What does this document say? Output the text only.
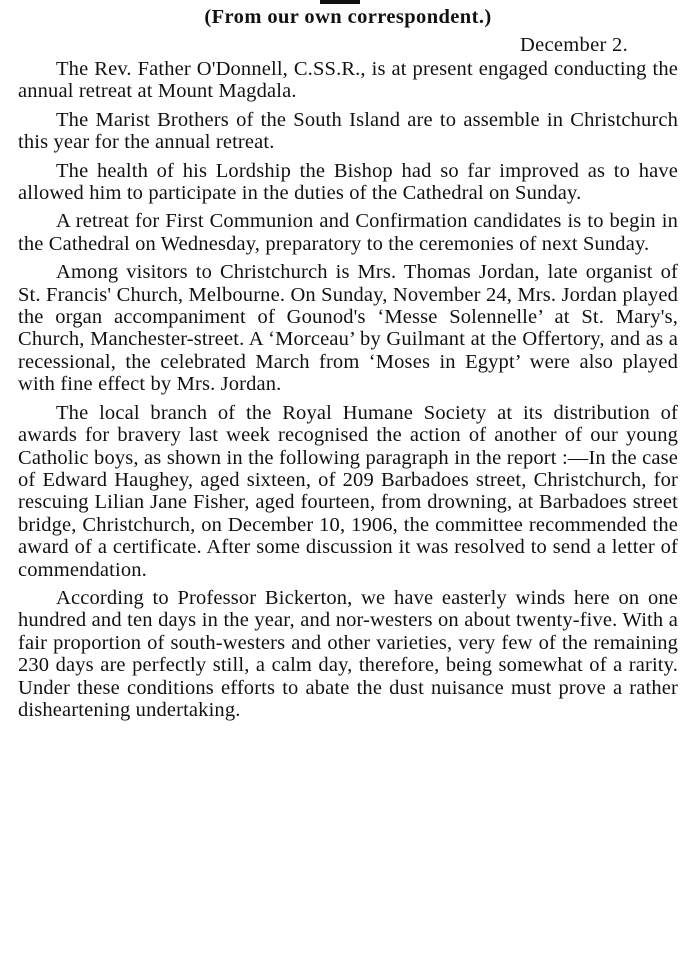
(From our own correspondent.)
December 2.

The Rev. Father O'Donnell, C.SS.R., is at present engaged conducting the annual retreat at Mount Magdala.

The Marist Brothers of the South Island are to assemble in Christchurch this year for the annual retreat.

The health of his Lordship the Bishop had so far improved as to have allowed him to participate in the duties of the Cathedral on Sunday.

A retreat for First Communion and Confirmation candidates is to begin in the Cathedral on Wednesday, preparatory to the ceremonies of next Sunday.

Among visitors to Christchurch is Mrs. Thomas Jordan, late organist of St. Francis' Church, Melbourne. On Sunday, November 24, Mrs. Jordan played the organ accompaniment of Gounod's ‘Messe Solennelle’ at St. Mary's, Church, Manchester-street. A ‘Morceau’ by Guilmant at the Offertory, and as a recessional, the celebrated March from ‘Moses in Egypt’ were also played with fine effect by Mrs. Jordan.

The local branch of the Royal Humane Society at its distribution of awards for bravery last week recognised the action of another of our young Catholic boys, as shown in the following paragraph in the report :—In the case of Edward Haughey, aged sixteen, of 209 Barbadoes street, Christchurch, for rescuing Lilian Jane Fisher, aged fourteen, from drowning, at Barbadoes street bridge, Christchurch, on December 10, 1906, the committee recommended the award of a certificate. After some discussion it was resolved to send a letter of commendation.

According to Professor Bickerton, we have easterly winds here on one hundred and ten days in the year, and nor-westers on about twenty-five. With a fair proportion of south-westers and other varieties, very few of the remaining 230 days are perfectly still, a calm day, therefore, being somewhat of a rarity. Under these conditions efforts to abate the dust nuisance must prove a rather disheartening undertaking.
